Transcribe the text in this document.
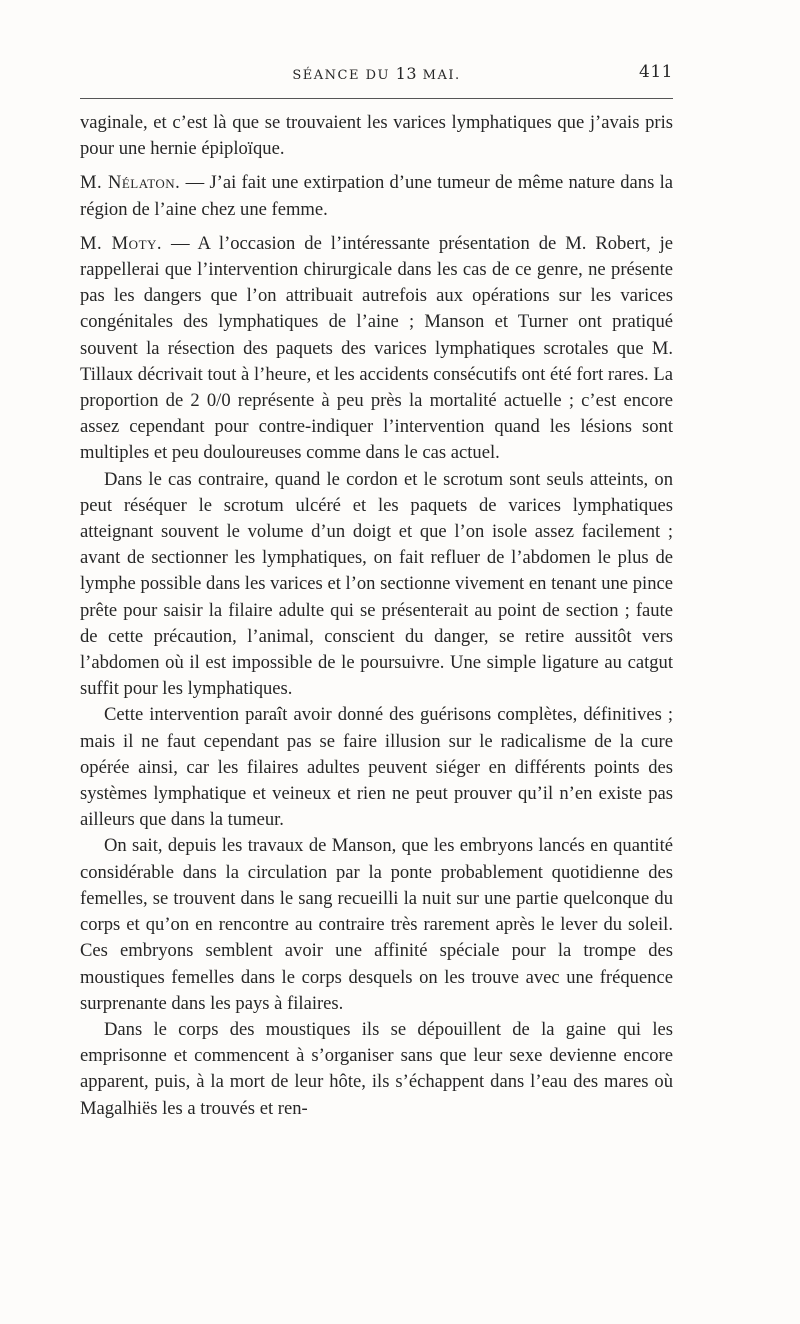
SÉANCE DU 13 MAI.	411

vaginale, et c’est là que se trouvaient les varices lymphatiques que j’avais pris pour une hernie épiploïque.

M. Nélaton. — J’ai fait une extirpation d’une tumeur de même nature dans la région de l’aine chez une femme.

M. Moty. — A l’occasion de l’intéressante présentation de M. Robert, je rappellerai que l’intervention chirurgicale dans les cas de ce genre, ne présente pas les dangers que l’on attribuait autrefois aux opérations sur les varices congénitales des lymphatiques de l’aine ; Manson et Turner ont pratiqué souvent la résection des paquets des varices lymphatiques scrotales que M. Tillaux décrivait tout à l’heure, et les accidents consécutifs ont été fort rares. La proportion de 2 0/0 représente à peu près la mortalité actuelle ; c’est encore assez cependant pour contre-indiquer l’intervention quand les lésions sont multiples et peu douloureuses comme dans le cas actuel.

Dans le cas contraire, quand le cordon et le scrotum sont seuls atteints, on peut réséquer le scrotum ulcéré et les paquets de varices lymphatiques atteignant souvent le volume d’un doigt et que l’on isole assez facilement ; avant de sectionner les lymphatiques, on fait refluer de l’abdomen le plus de lymphe possible dans les varices et l’on sectionne vivement en tenant une pince prête pour saisir la filaire adulte qui se présenterait au point de section ; faute de cette précaution, l’animal, conscient du danger, se retire aussitôt vers l’abdomen où il est impossible de le poursuivre. Une simple ligature au catgut suffit pour les lymphatiques.

Cette intervention paraît avoir donné des guérisons complètes, définitives ; mais il ne faut cependant pas se faire illusion sur le radicalisme de la cure opérée ainsi, car les filaires adultes peuvent siéger en différents points des systèmes lymphatique et veineux et rien ne peut prouver qu’il n’en existe pas ailleurs que dans la tumeur.

On sait, depuis les travaux de Manson, que les embryons lancés en quantité considérable dans la circulation par la ponte probablement quotidienne des femelles, se trouvent dans le sang recueilli la nuit sur une partie quelconque du corps et qu’on en rencontre au contraire très rarement après le lever du soleil. Ces embryons semblent avoir une affinité spéciale pour la trompe des moustiques femelles dans le corps desquels on les trouve avec une fréquence surprenante dans les pays à filaires.

Dans le corps des moustiques ils se dépouillent de la gaine qui les emprisonne et commencent à s’organiser sans que leur sexe devienne encore apparent, puis, à la mort de leur hôte, ils s’échappent dans l’eau des mares où Magalhiës les a trouvés et ren-
